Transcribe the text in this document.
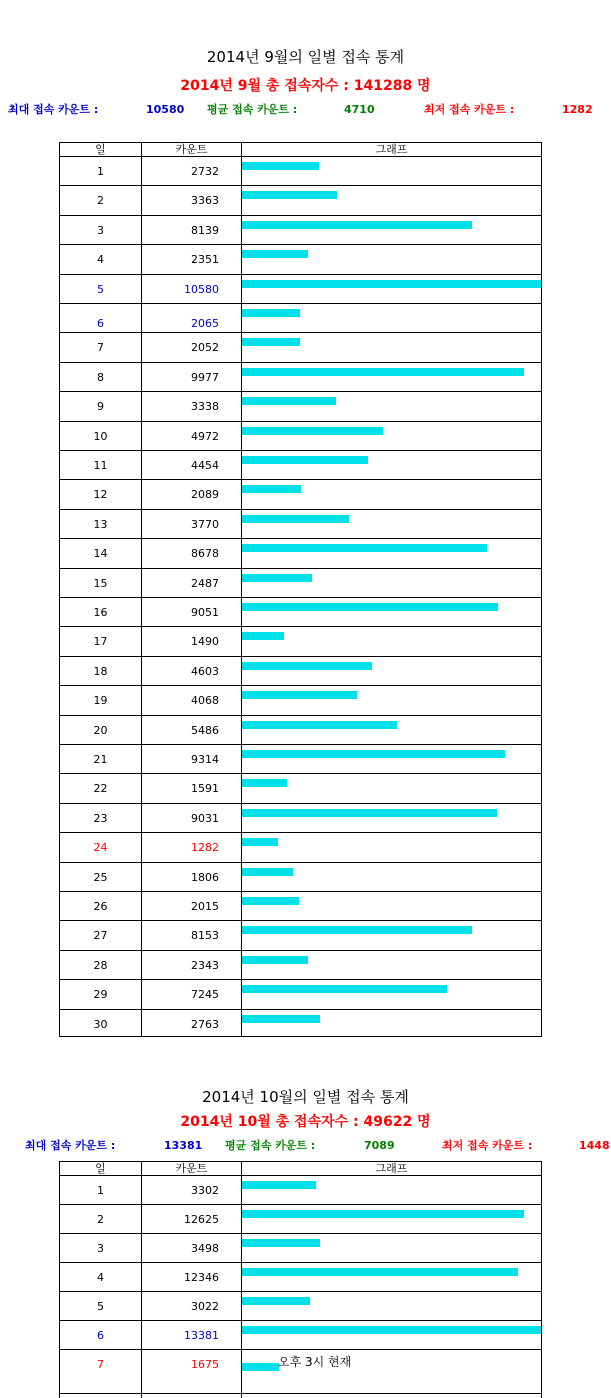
2014년 9월의 일별 접속 통계
2014년 9월 총 접속자수 : 141288 명
최대 접속 카운트 :	10580 평균 접속 카운트 :	4710	최저 접속 카운트 :	1282
일	카운트	그래프
1	2732
2	3363
3	8139
4	2351
5	10580
6	2065
7	2052
8	9977
9	3338
10	4972
11	4454
12	2089
13	3770
14	8678
15	2487
16	9051
17	1490
18	4603
19	4068
20	5486
21	9314
22	1591
23	9031
24	1282
25	1806
26	2015
27	8153
28	2343
29	7245
30	2763
2014년 10월의 일별 접속 통계
2014년 10월 총 접속자수 : 49622 명
최대 접속 카운트 :	13381 평균 접속 카운트 :	7089	최저 접속 카운트 :	1448
일	카운트	그래프
1	3302
2	12625
3	3498
4	12346
5	3022
6	13381
7	1675	오후 3시 현재
